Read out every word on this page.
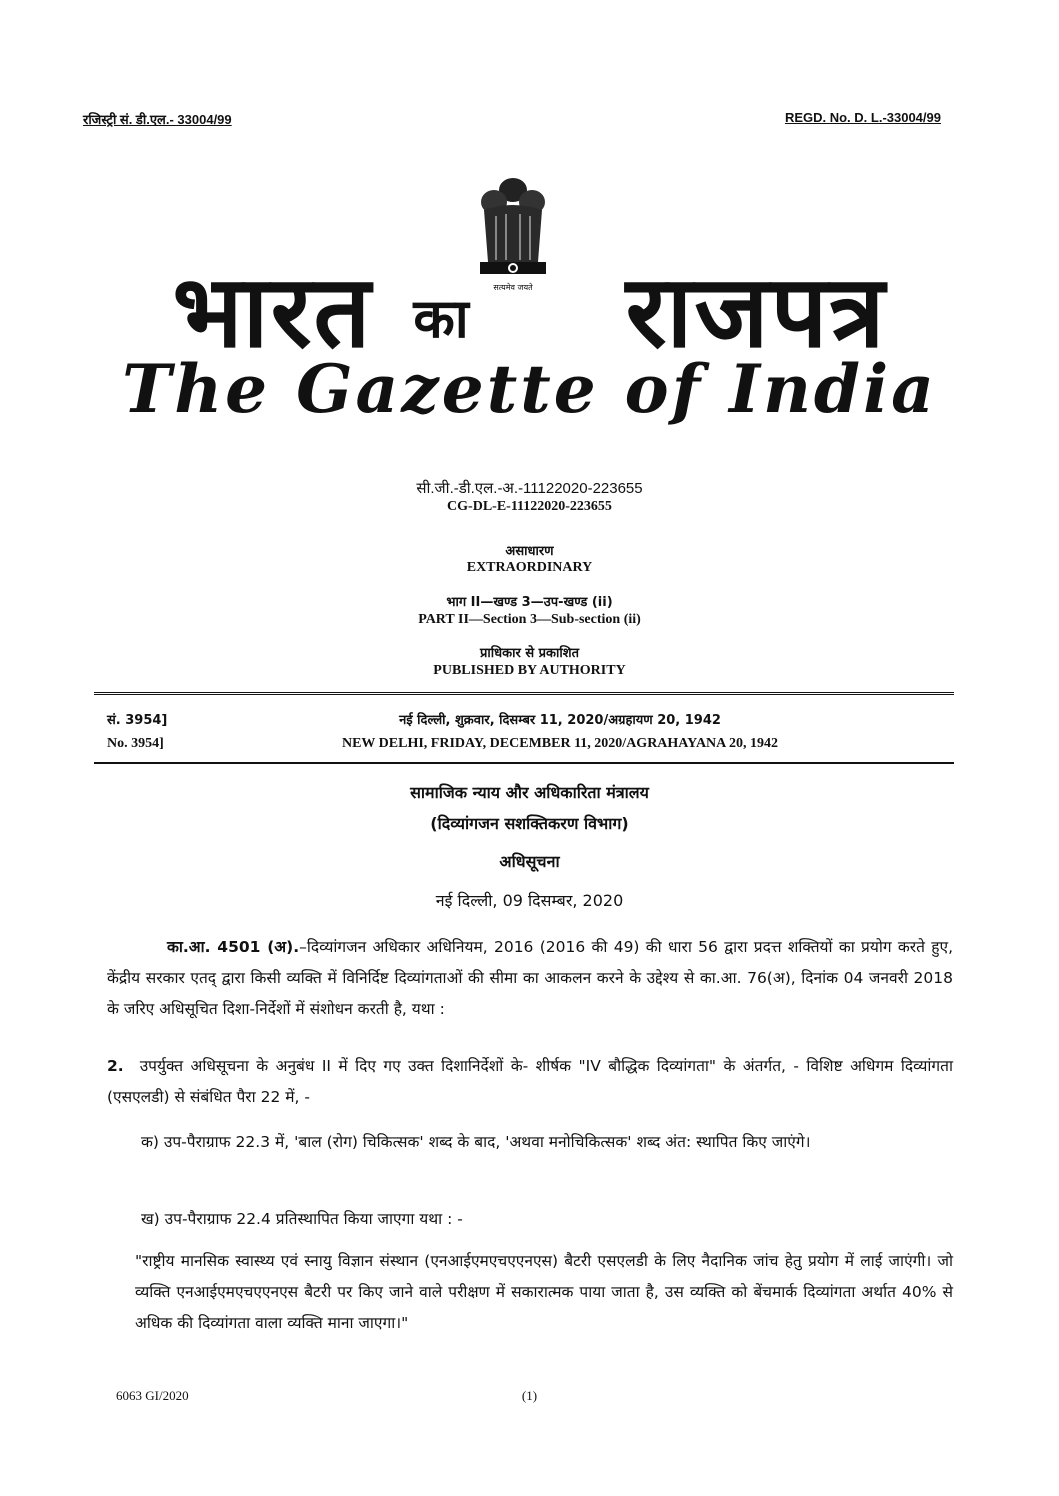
रजिस्ट्री सं. डी.एल.- 33004/99	REGD. No. D. L.-33004/99
सत्यमेव जयते
भारत का राजपत्र
The Gazette of India
सी.जी.-डी.एल.-अ.-11122020-223655
CG-DL-E-11122020-223655
असाधारण
EXTRAORDINARY
भाग II—खण्ड 3—उप-खण्ड (ii)
PART II—Section 3—Sub-section (ii)
प्राधिकार से प्रकाशित
PUBLISHED BY AUTHORITY
सं. 3954]	नई दिल्ली, शुक्रवार, दिसम्बर 11, 2020/अग्रहायण 20, 1942
No. 3954]	NEW DELHI, FRIDAY, DECEMBER 11, 2020/AGRAHAYANA 20, 1942
सामाजिक न्याय और अधिकारिता मंत्रालय
(दिव्यांगजन सशक्तिकरण विभाग)
अधिसूचना
नई दिल्ली, 09 दिसम्बर, 2020
का.आ. 4501 (अ).–दिव्यांगजन अधिकार अधिनियम, 2016 (2016 की 49) की धारा 56 द्वारा प्रदत्त शक्तियों का प्रयोग करते हुए, केंद्रीय सरकार एतद् द्वारा किसी व्यक्ति में विनिर्दिष्ट दिव्यांगताओं की सीमा का आकलन करने के उद्देश्य से का.आ. 76(अ), दिनांक 04 जनवरी 2018 के जरिए अधिसूचित दिशा-निर्देशों में संशोधन करती है, यथा :
2. उपर्युक्त अधिसूचना के अनुबंध II में दिए गए उक्त दिशानिर्देशों के- शीर्षक "IV बौद्धिक दिव्यांगता" के अंतर्गत, - विशिष्ट अधिगम दिव्यांगता (एसएलडी) से संबंधित पैरा 22 में, -
क) उप-पैराग्राफ 22.3 में, 'बाल (रोग) चिकित्सक' शब्द के बाद, 'अथवा मनोचिकित्सक' शब्द अंत: स्थापित किए जाएंगे।
ख) उप-पैराग्राफ 22.4 प्रतिस्थापित किया जाएगा यथा : -
"राष्ट्रीय मानसिक स्वास्थ्य एवं स्नायु विज्ञान संस्थान (एनआईएमएचएएनएस) बैटरी एसएलडी के लिए नैदानिक जांच हेतु प्रयोग में लाई जाएंगी। जो व्यक्ति एनआईएमएचएएनएस बैटरी पर किए जाने वाले परीक्षण में सकारात्मक पाया जाता है, उस व्यक्ति को बेंचमार्क दिव्यांगता अर्थात 40% से अधिक की दिव्यांगता वाला व्यक्ति माना जाएगा।"
6063 GI/2020	(1)
